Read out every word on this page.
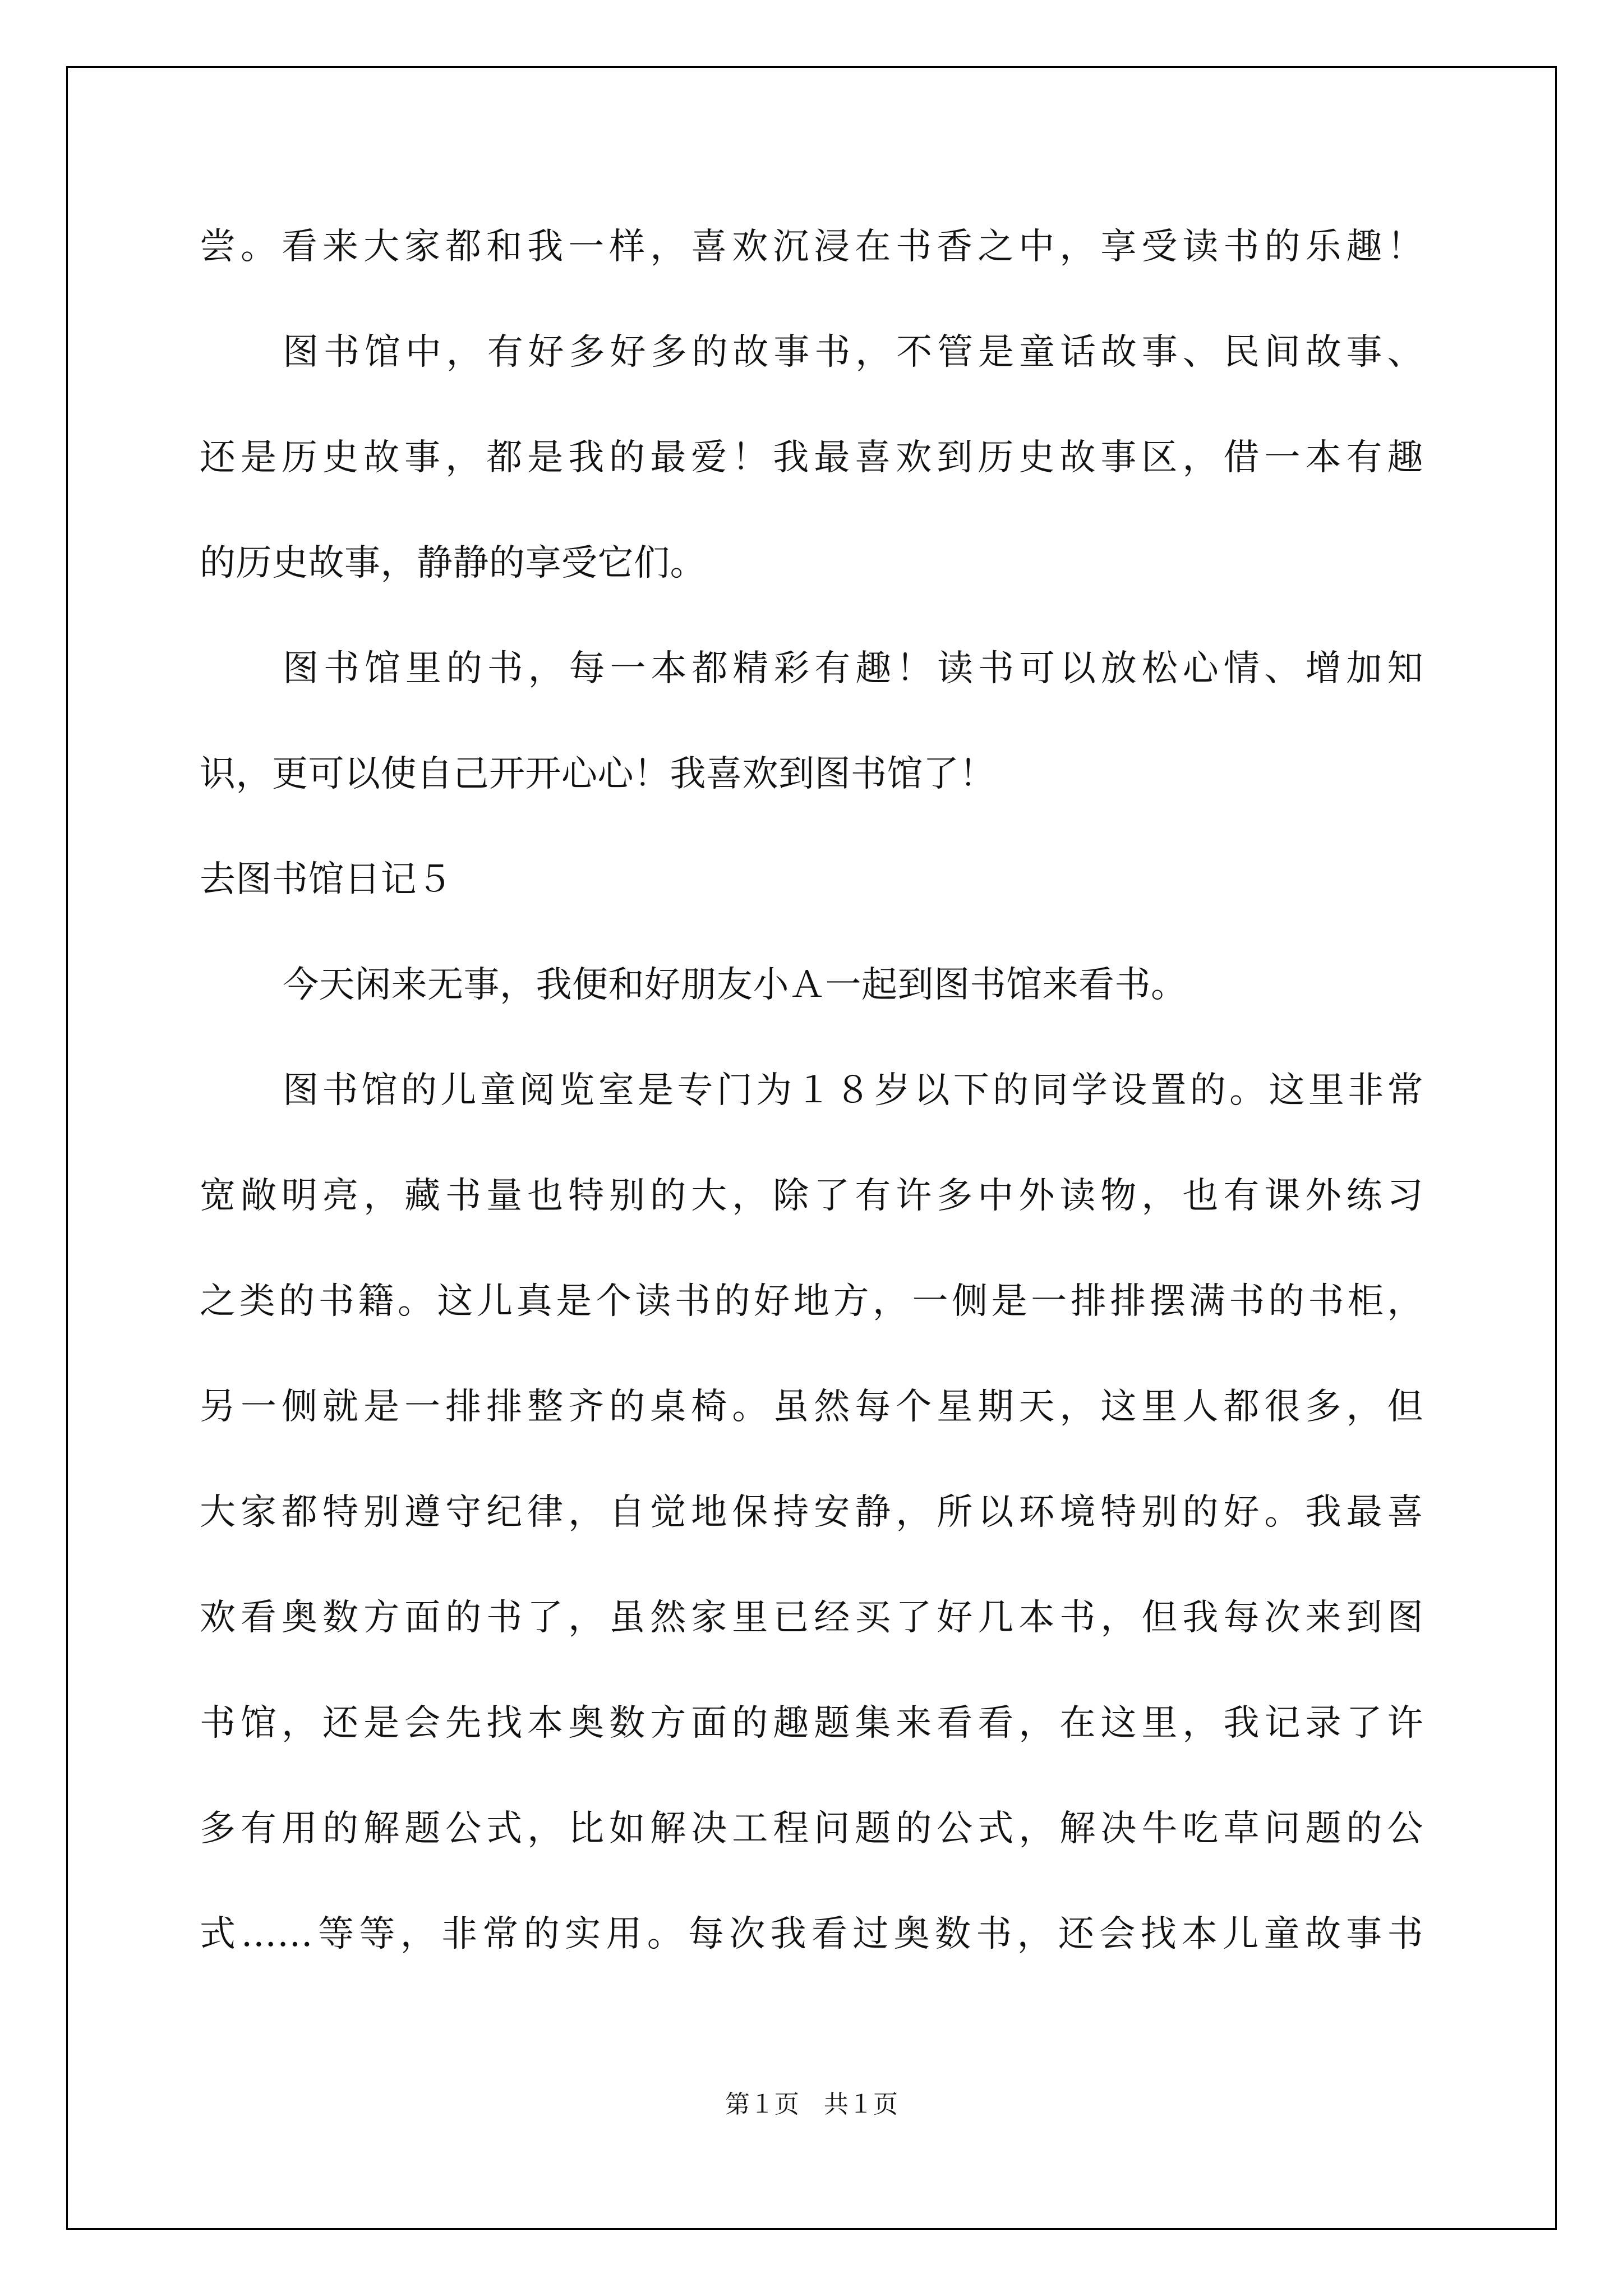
尝。看来大家都和我一样，喜欢沉浸在书香之中，享受读书的乐趣！
图书馆中，有好多好多的故事书，不管是童话故事、民间故事、
还是历史故事，都是我的最爱！我最喜欢到历史故事区，借一本有趣
的历史故事，静静的享受它们。
图书馆里的书，每一本都精彩有趣！读书可以放松心情、增加知
识，更可以使自己开开心心！我喜欢到图书馆了！
去图书馆日记５
今天闲来无事，我便和好朋友小Ａ一起到图书馆来看书。
图书馆的儿童阅览室是专门为１８岁以下的同学设置的。这里非常
宽敞明亮，藏书量也特别的大，除了有许多中外读物，也有课外练习
之类的书籍。这儿真是个读书的好地方，一侧是一排排摆满书的书柜，
另一侧就是一排排整齐的桌椅。虽然每个星期天，这里人都很多，但
大家都特别遵守纪律，自觉地保持安静，所以环境特别的好。我最喜
欢看奥数方面的书了，虽然家里已经买了好几本书，但我每次来到图
书馆，还是会先找本奥数方面的趣题集来看看，在这里，我记录了许
多有用的解题公式，比如解决工程问题的公式，解决牛吃草问题的公
式……等等，非常的实用。每次我看过奥数书，还会找本儿童故事书
第１页　共１页
